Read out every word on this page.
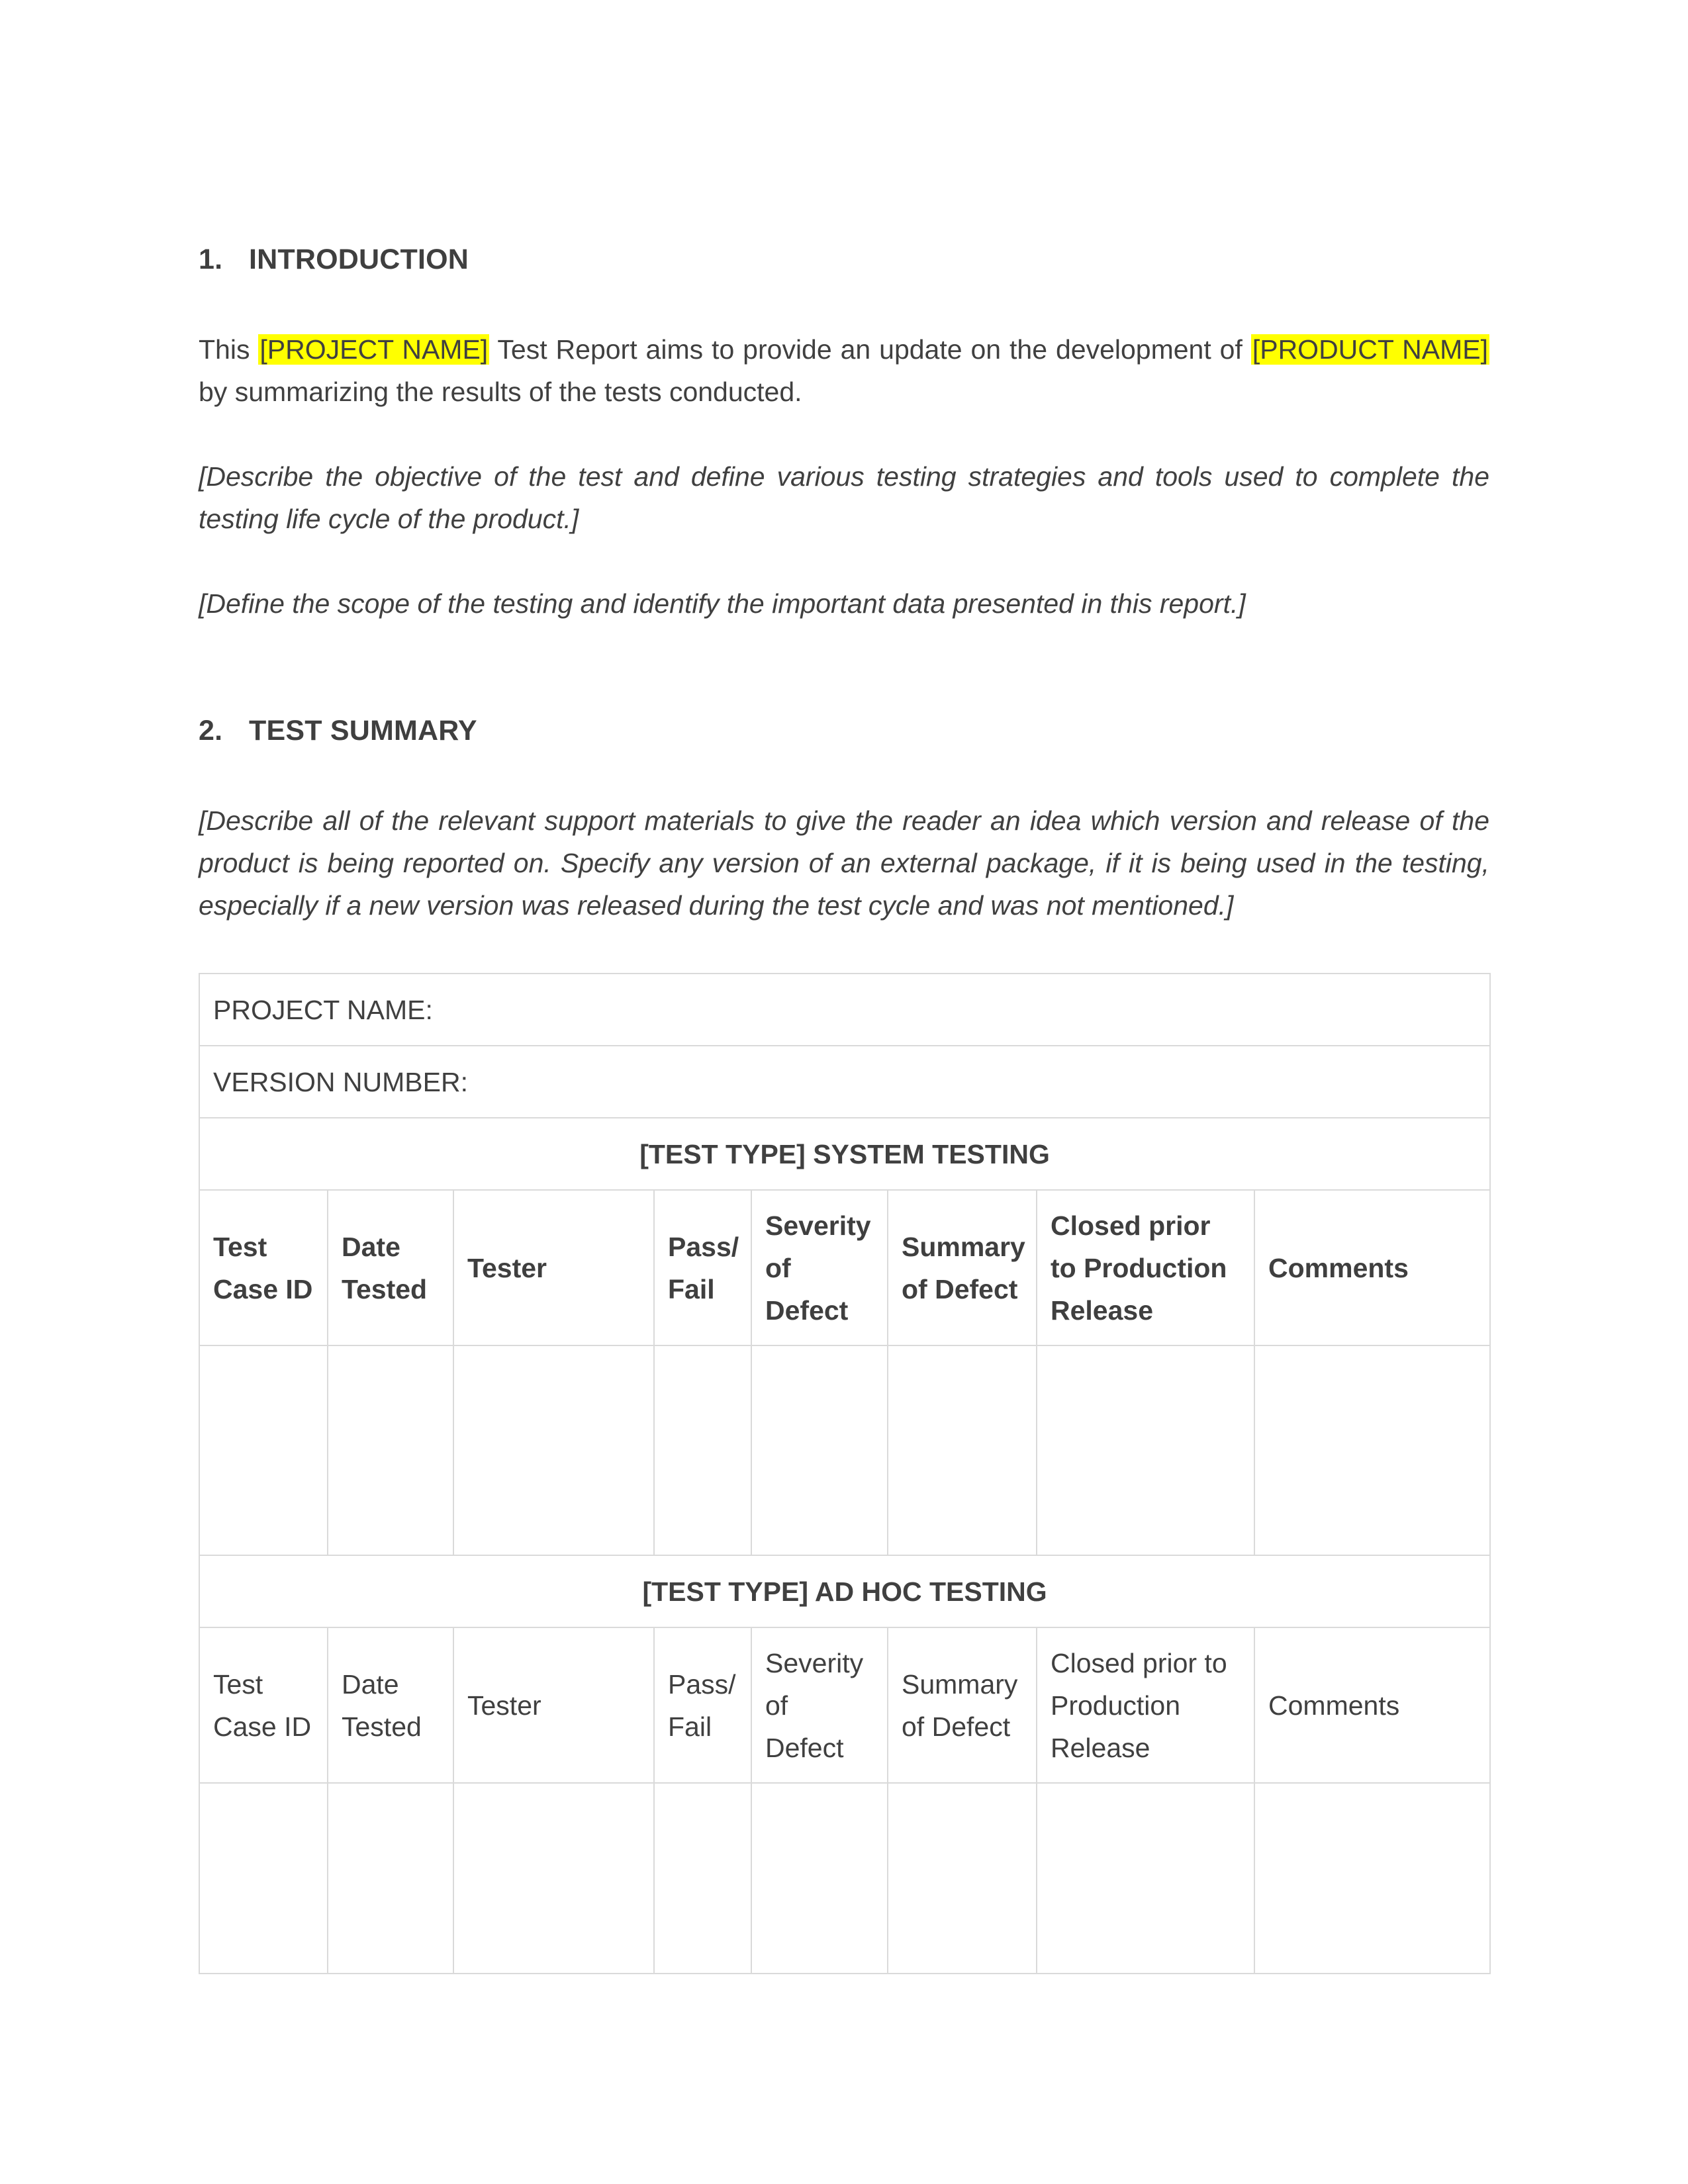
1. INTRODUCTION
This [PROJECT NAME] Test Report aims to provide an update on the development of [PRODUCT NAME] by summarizing the results of the tests conducted.
[Describe the objective of the test and define various testing strategies and tools used to complete the testing life cycle of the product.]
[Define the scope of the testing and identify the important data presented in this report.]
2. TEST SUMMARY
[Describe all of the relevant support materials to give the reader an idea which version and release of the product is being reported on. Specify any version of an external package, if it is being used in the testing, especially if a new version was released during the test cycle and was not mentioned.]
PROJECT NAME:							
VERSION NUMBER:							
[TEST TYPE] SYSTEM TESTING							
Test Case ID	Date Tested	Tester	Pass/ Fail	Severity of Defect	Summary of Defect	Closed prior to Production Release	Comments

[TEST TYPE] AD HOC TESTING							
Test Case ID	Date Tested	Tester	Pass/ Fail	Severity of Defect	Summary of Defect	Closed prior to Production Release	Comments
